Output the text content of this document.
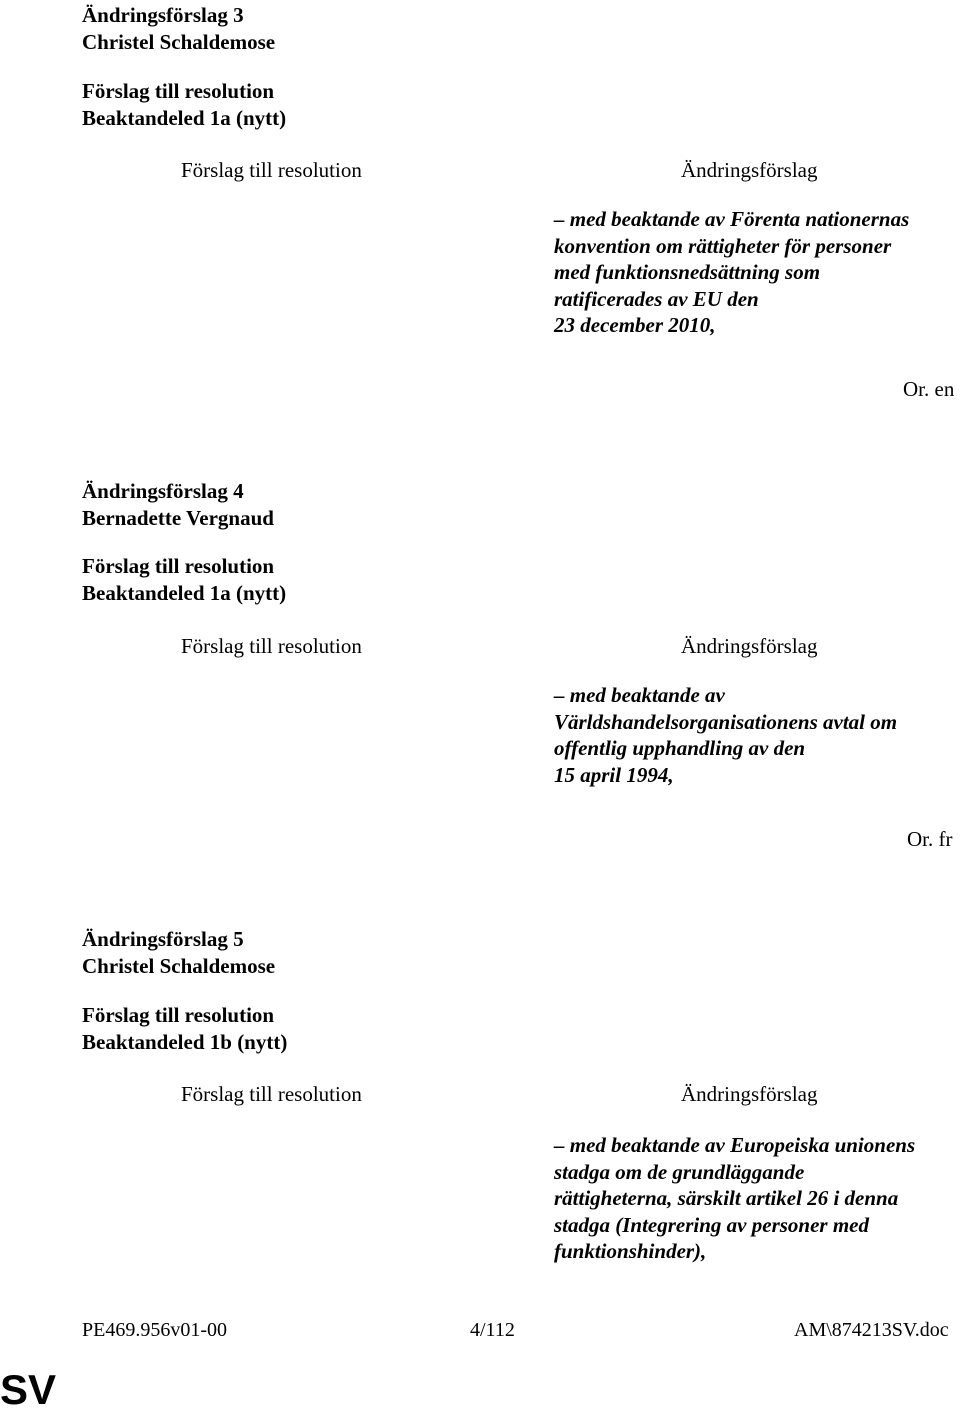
Ändringsförslag 3
Christel Schaldemose
Förslag till resolution
Beaktandeled 1a (nytt)
Förslag till resolution	Ändringsförslag
– med beaktande av Förenta nationernas
konvention om rättigheter för personer
med funktionsnedsättning som
ratificerades av EU den
23 december 2010,
Or. en
Ändringsförslag 4
Bernadette Vergnaud
Förslag till resolution
Beaktandeled 1a (nytt)
Förslag till resolution	Ändringsförslag
– med beaktande av
Världshandelsorganisationens avtal om
offentlig upphandling av den
15 april 1994,
Or. fr
Ändringsförslag 5
Christel Schaldemose
Förslag till resolution
Beaktandeled 1b (nytt)
Förslag till resolution	Ändringsförslag
– med beaktande av Europeiska unionens
stadga om de grundläggande
rättigheterna, särskilt artikel 26 i denna
stadga (Integrering av personer med
funktionshinder),
PE469.956v01-00	4/112	AM\874213SV.doc
SV
